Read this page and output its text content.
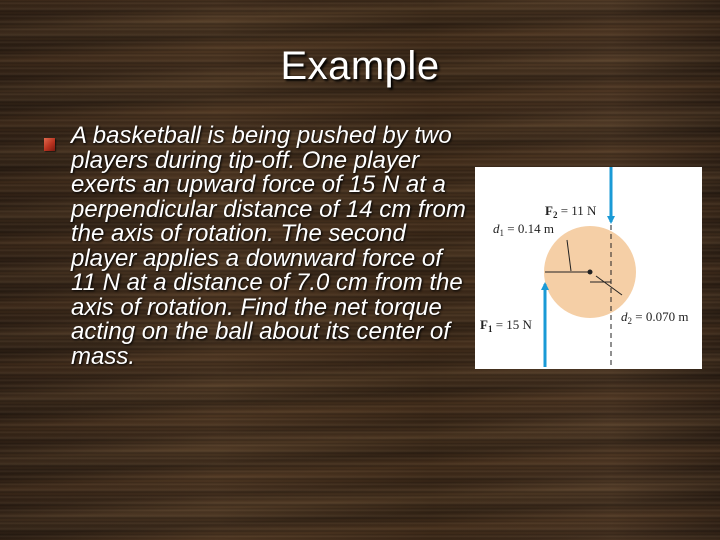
Example
A basketball is being pushed by two players during tip-off. One player exerts an upward force of 15 N at a perpendicular distance of 14 cm from the axis of rotation. The second player applies a downward force of 11 N at a distance of 7.0 cm from the axis of rotation. Find the net torque acting on the ball about its center of mass.
$F_2 = 11$ N
$d_1 = 0.14$ m
$F_1 = 15$ N
$d_2 = 0.070$ m
